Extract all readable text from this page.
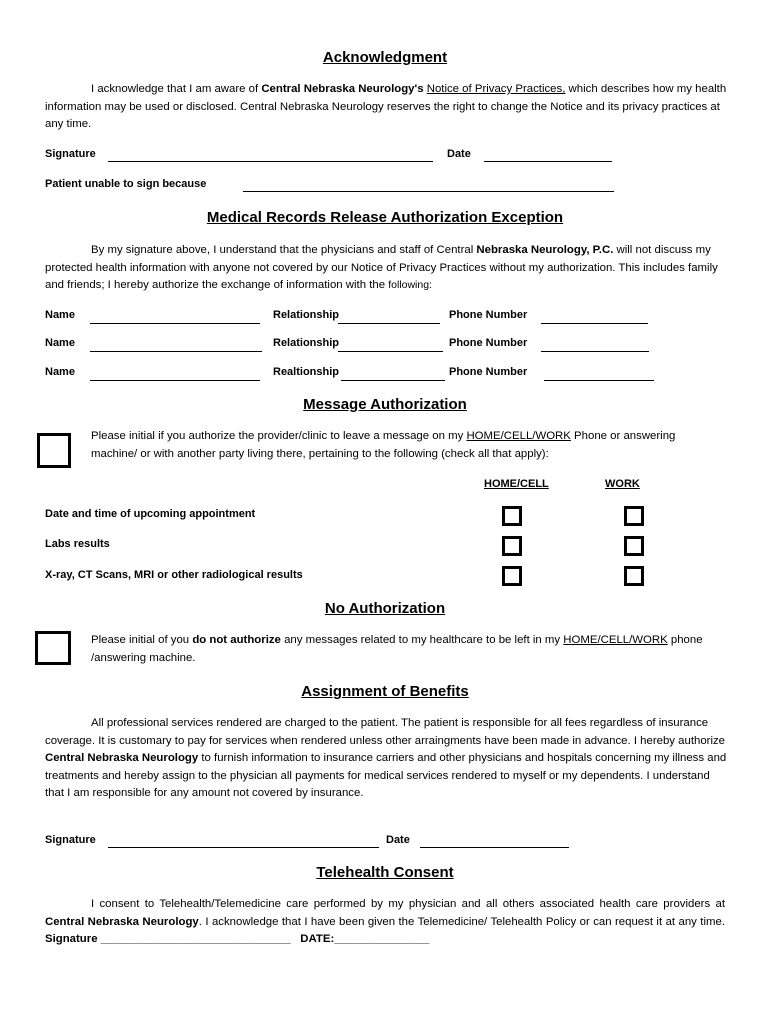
Acknowledgment
I acknowledge that I am aware of Central Nebraska Neurology's Notice of Privacy Practices, which describes how my health information may be used or disclosed. Central Nebraska Neurology reserves the right to change the Notice and its privacy practices at any time.
Signature	Date
Patient unable to sign because
Medical Records Release Authorization Exception
By my signature above, I understand that the physicians and staff of Central Nebraska Neurology, P.C. will not discuss my protected health information with anyone not covered by our Notice of Privacy Practices without my authorization. This includes family and friends; I hereby authorize the exchange of information with the following:
Name	Relationship	Phone Number
Name	Relationship	Phone Number
Name	Realtionship	Phone Number
Message Authorization
Please initial if you authorize the provider/clinic to leave a message on my HOME/CELL/WORK Phone or answering machine/ or with another party living there, pertaining to the following (check all that apply):
HOME/CELL	WORK
Date and time of upcoming appointment
Labs results
X-ray, CT Scans, MRI or other radiological results
No Authorization
Please initial of you do not authorize any messages related to my healthcare to be left in my HOME/CELL/WORK phone /answering machine.
Assignment of Benefits
All professional services rendered are charged to the patient. The patient is responsible for all fees regardless of insurance coverage. It is customary to pay for services when rendered unless other arraingments have been made in advance. I hereby authorize Central Nebraska Neurology to furnish information to insurance carriers and other physicians and hospitals concerning my illness and treatments and hereby assign to the physician all payments for medical services rendered to myself or my dependents. I understand that I am responsible for any amount not covered by insurance.
Signature	Date
Telehealth Consent
I consent to Telehealth/Telemedicine care performed by my physician and all others associated health care providers at Central Nebraska Neurology. I acknowledge that I have been given the Telemedicine/ Telehealth Policy or can request it at any time. Signature ______________________________ DATE:_______________
